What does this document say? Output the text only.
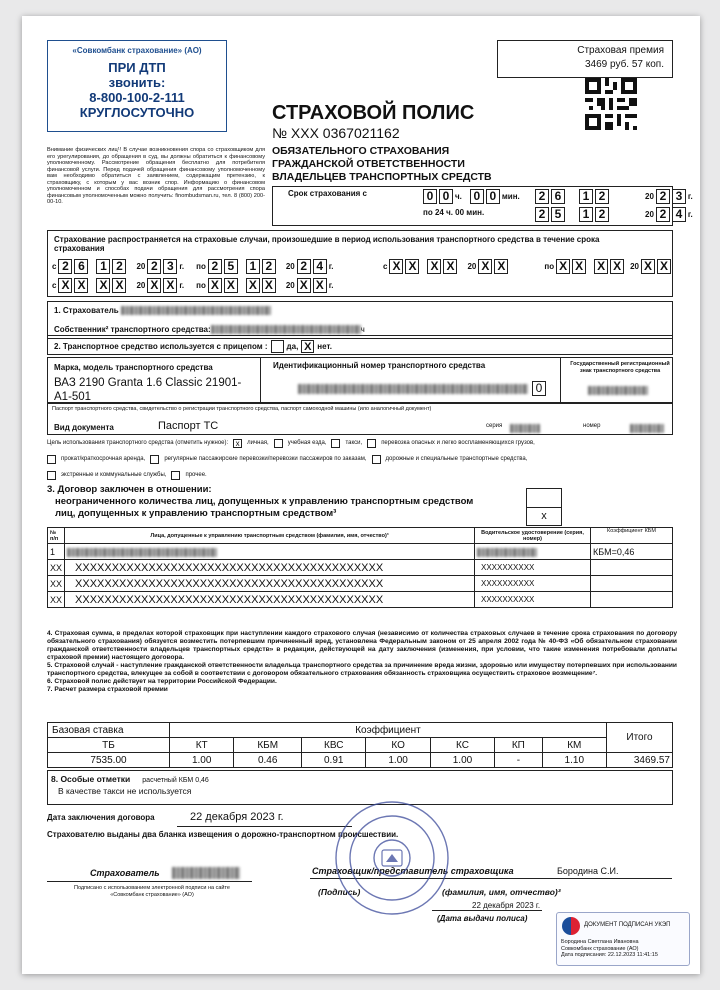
«Совкомбанк страхование» (АО)
ПРИ ДТП
звонить:
8-800-100-2-111
КРУГЛОСУТОЧНО
Страховая премия
3469 руб. 57 коп.
СТРАХОВОЙ ПОЛИС
№ XXX 0367021162
ОБЯЗАТЕЛЬНОГО СТРАХОВАНИЯ
ГРАЖДАНСКОЙ ОТВЕТСТВЕННОСТИ
ВЛАДЕЛЬЦЕВ ТРАНСПОРТНЫХ СРЕДСТВ
Внимание физических лиц¹! В случае возникновения спора со страховщиком для его урегулирования, до обращения в суд, вы должны обратиться к финансовому уполномоченному. Рассмотрение обращения бесплатно для потребителя финансовой услуги. Перед подачей обращения финансовому уполномоченному вам необходимо обратиться с заявлением, содержащим претензию, к страховщику, с которым у вас возник спор. Информацию о финансовом уполномоченном и способах подачи обращения для рассмотрения спора финансовым уполномоченным можно получить: finombudsman.ru, тел. 8 (800) 200-00-10.
Срок страхования с	0 0 ч. 0 0 мин.	2 6	1 2	20 2 3 г.
по 24 ч. 00 мин.	2 5	1 2	20 2 4 г.
Страхование распространяется на страховые случаи, произошедшие в период использования транспортного средства в течение срока страхования
с 2 6	1 2	20 2 3 г. по 2 5	1 2	20 2 4 г.	с X X X X	20 X X	по X X X X	20 X X
с X X X X	20 X X г. по X X X X	20 X X г.
1. Страхователь
Собственник² транспортного средства:	ч
2. Транспортное средство используется с прицепом : да, X нет.
Марка, модель транспортного средства
ВАЗ 2190 Granta 1.6 Classic 21901-A1-501
Идентификационный номер транспортного средства
0
Государственный регистрационный знак транспортного средства
Паспорт транспортного средства, свидетельство о регистрации транспортного средства, паспорт самоходной машины (ило аналогичный документ)
Вид документа	Паспорт ТС	серия	номер
Цель использования транспортного средства (отметить нужное): x	личная,	учебная езда,	такси,	перевозка опасных и легко воспламеняющихся грузов,
прокат/краткосрочная аренда,	регулярные пассажирские перевозки/перевозки пассажиров по заказам,	дорожные и специальные транспортные средства,
экстренные и коммунальные службы,	прочее.
3. Договор заключен в отношении:
неограниченного количества лиц, допущенных к управлению транспортным средством
лиц, допущенных к управлению транспортным средством³	x
№ п/п	Лица, допущенные к управлению транспортным средством (фамилия, имя, отчество)³	Водительское удостоверение (серия, номер)	Коэффициент КБМ
1			КБМ=0,46
XX	XXXXXXXXXXXXXXXXXXXXXXXXXXXXXXXXXXXXXXXXXX	XXXXXXXXXX	
XX	XXXXXXXXXXXXXXXXXXXXXXXXXXXXXXXXXXXXXXXXXX	XXXXXXXXXX	
XX	XXXXXXXXXXXXXXXXXXXXXXXXXXXXXXXXXXXXXXXXXX	XXXXXXXXXX	
4. Страховая сумма, в пределах которой страховщик при наступлении каждого страхового случая (независимо от количества страховых случаев в течение срока страхования по договору обязательного страхования) обязуется возместить потерпевшим причиненный вред, установлена Федеральным законом от 25 апреля 2002 года № 40-ФЗ «Об обязательном страховании гражданской ответственности владельцев транспортных средств» в редакции, действующей на дату заключения (изменения, при условии, что такие изменения потребовали доплаты страховой премии) настоящего договора.
5. Страховой случай - наступление гражданской ответственности владельца транспортного средства за причинение вреда жизни, здоровью или имуществу потерпевших при использовании транспортного средства, влекущее за собой в соответствии с договором обязательного страхования обязанность страховщика осуществить страховое возмещение⁷.
6. Страховой полис действует на территории Российской Федерации.
7. Расчет размера страховой премии
Базовая ставка	Коэффициент							Итого
ТБ	КТ	КБМ	КВС	КО	КС	КП	КМ	
7535.00	1.00	0.46	0.91	1.00	1.00	-	1.10	3469.57
8. Особые отметки расчетный КБМ 0,46
В качестве такси не используется
Дата заключения договора	22 декабря 2023 г.
Страхователю выданы два бланка извещения о дорожно-транспортном происшествии.
Страхователь
Подписано с использованием электронной подписи на сайте «Совкомбанк страхование» (АО)
Страховщик/представитель страховщика	Бородина С.И.
(Подпись)	(фамилия, имя, отчество)³
22 декабря 2023 г.
(Дата выдачи полиса)
ДОКУМЕНТ ПОДПИСАН УКЭП
Бородина Светлана Ивановна
Совкомбанк страхование (АО)
Дата подписания: 22.12.2023 11:41:15
